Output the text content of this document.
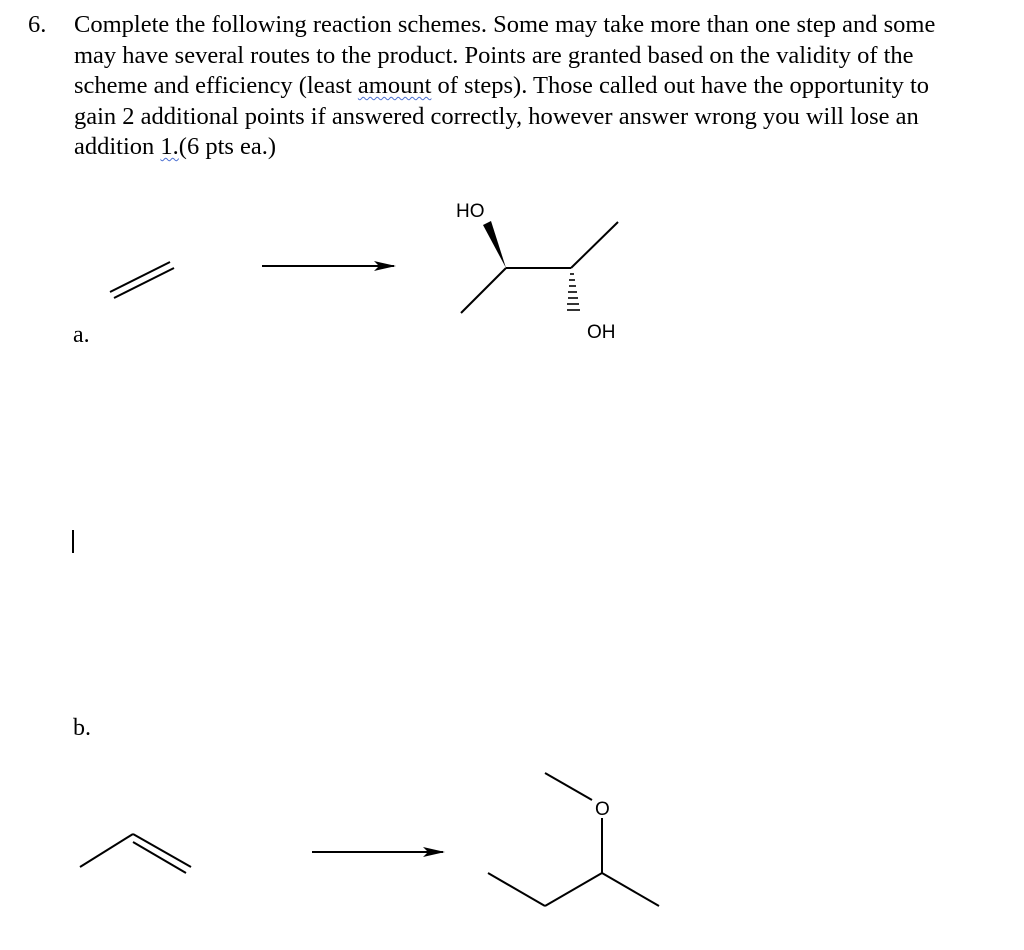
6. Complete the following reaction schemes. Some may take more than one step and some
may have several routes to the product. Points are granted based on the validity of the
scheme and efficiency (least amount of steps). Those called out have the opportunity to
gain 2 additional points if answered correctly, however answer wrong you will lose an
addition 1.(6 pts ea.)
a.
b.
HO
OH
O
